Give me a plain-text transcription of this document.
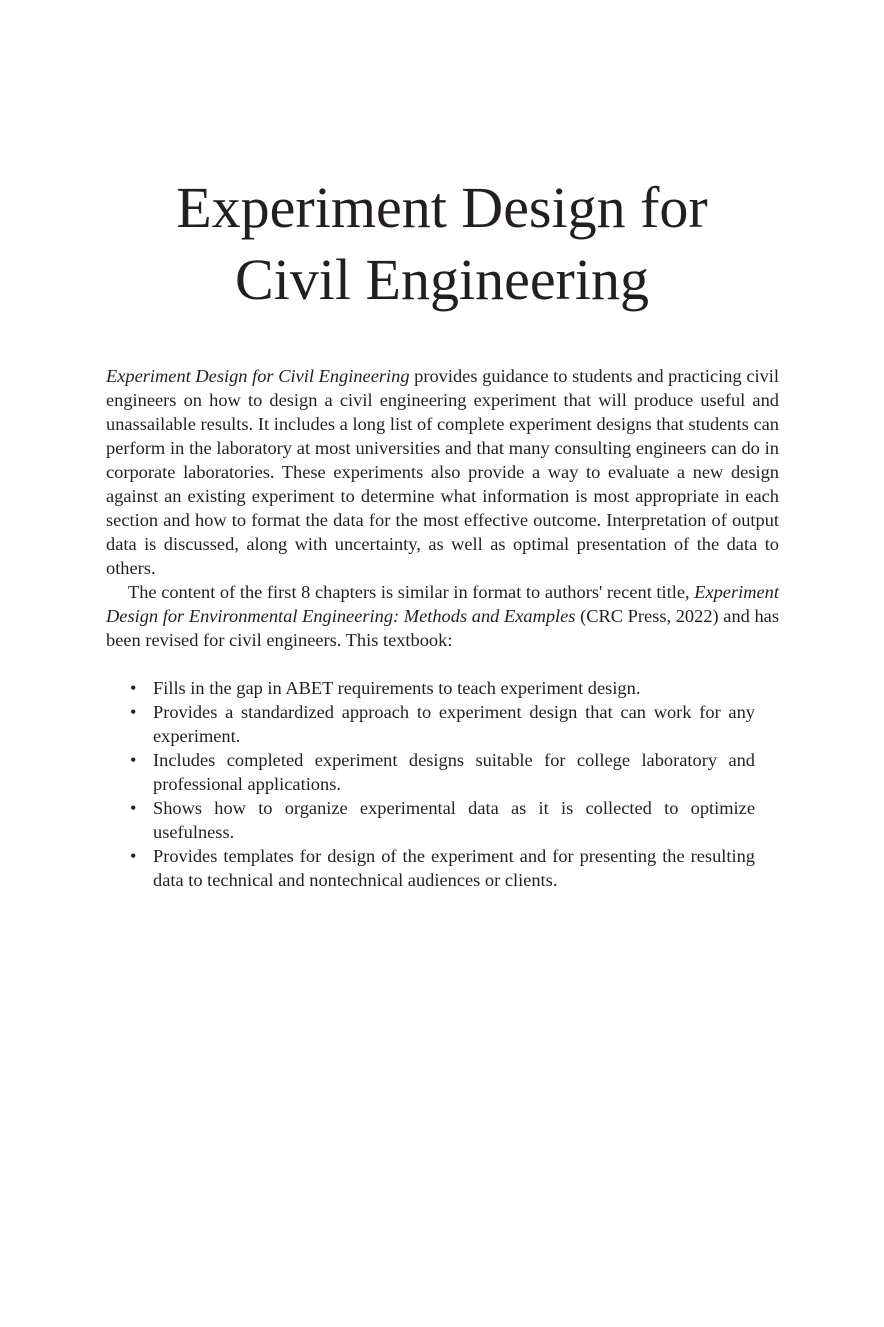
Experiment Design for
Civil Engineering

Experiment Design for Civil Engineering provides guidance to students and practicing civil engineers on how to design a civil engineering experiment that will produce useful and unassailable results. It includes a long list of complete experiment designs that students can perform in the laboratory at most universities and that many consulting engineers can do in corporate laboratories. These experiments also provide a way to evaluate a new design against an existing experiment to determine what information is most appropriate in each section and how to format the data for the most effective outcome. Interpretation of output data is discussed, along with uncertainty, as well as optimal presentation of the data to others.

The content of the first 8 chapters is similar in format to authors' recent title, Experiment Design for Environmental Engineering: Methods and Examples (CRC Press, 2022) and has been revised for civil engineers. This textbook:

• Fills in the gap in ABET requirements to teach experiment design.
• Provides a standardized approach to experiment design that can work for any experiment.
• Includes completed experiment designs suitable for college laboratory and professional applications.
• Shows how to organize experimental data as it is collected to optimize usefulness.
• Provides templates for design of the experiment and for presenting the resulting data to technical and nontechnical audiences or clients.
